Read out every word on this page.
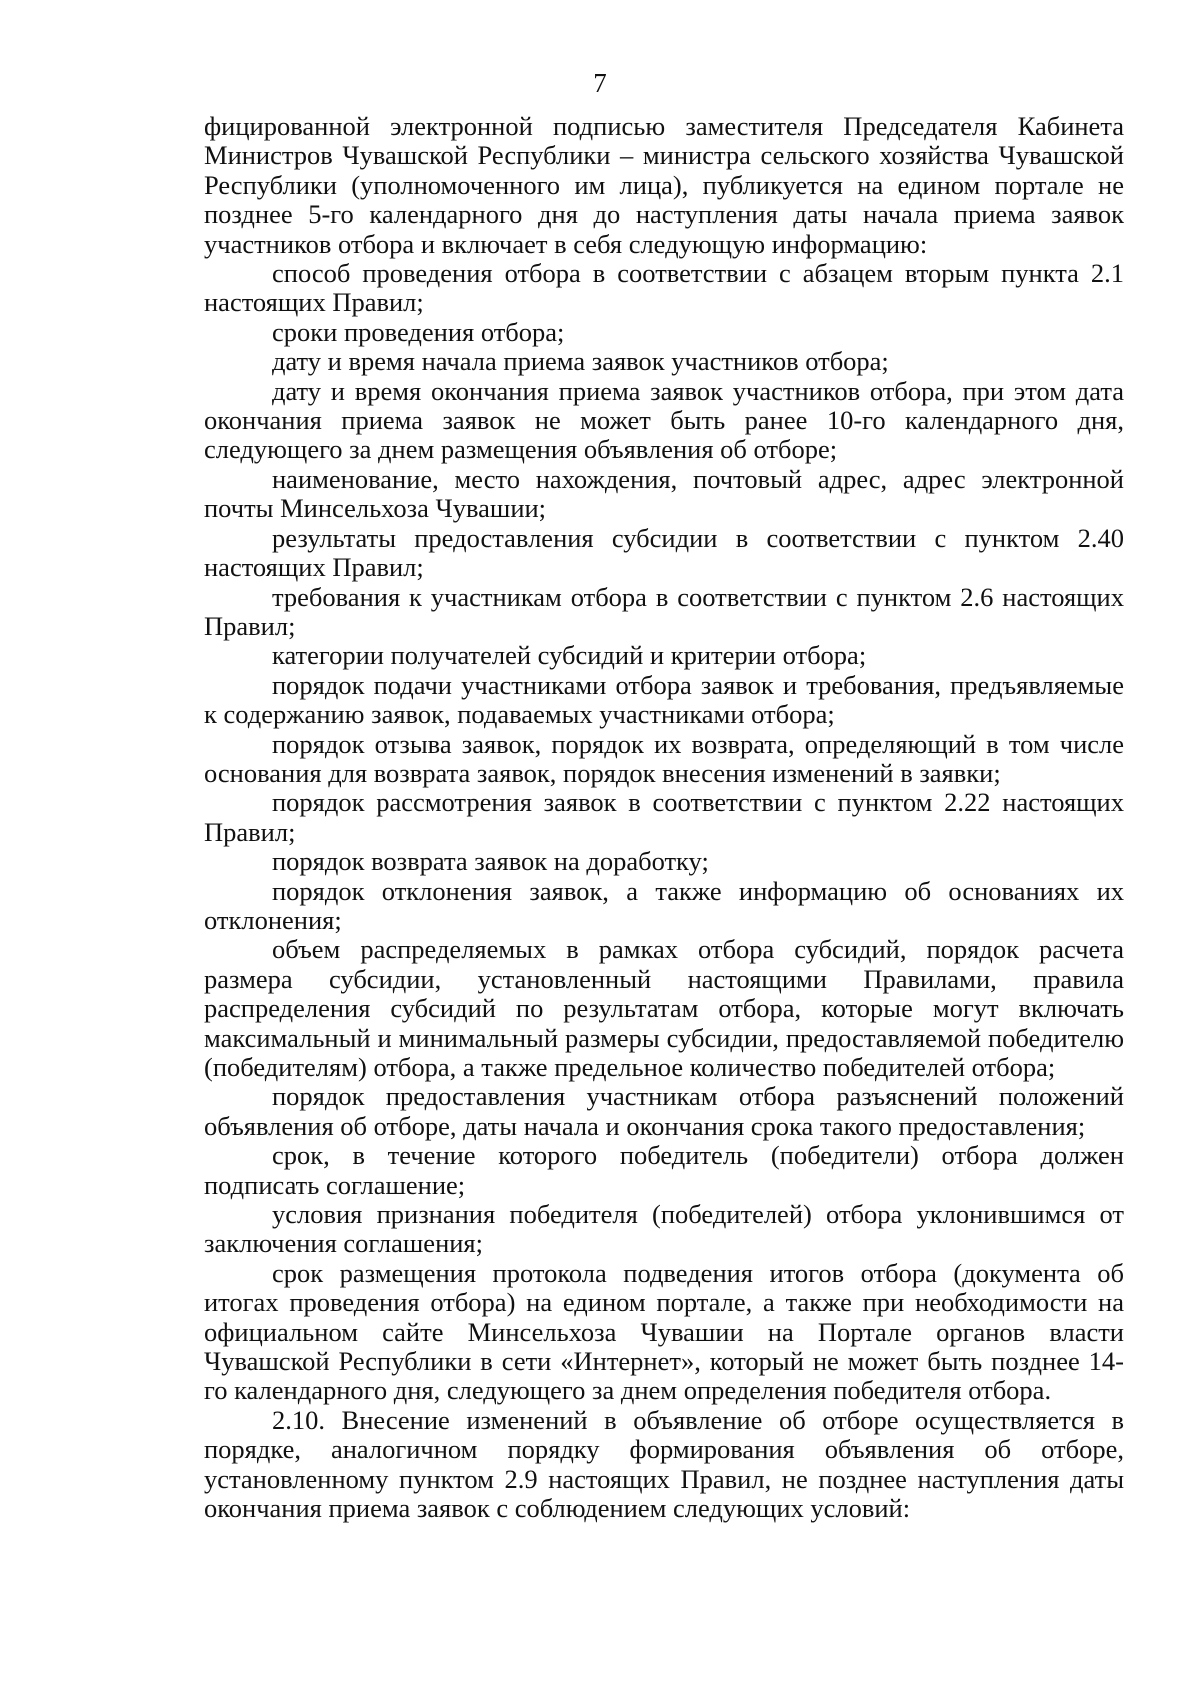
7

фицированной электронной подписью заместителя Председателя Кабинета Министров Чувашской Республики – министра сельского хозяйства Чувашской Республики (уполномоченного им лица), публикуется на едином портале не позднее 5-го календарного дня до наступления даты начала приема заявок участников отбора и включает в себя следующую информацию:

способ проведения отбора в соответствии с абзацем вторым пункта 2.1 настоящих Правил;

сроки проведения отбора;

дату и время начала приема заявок участников отбора;

дату и время окончания приема заявок участников отбора, при этом дата окончания приема заявок не может быть ранее 10-го календарного дня, следующего за днем размещения объявления об отборе;

наименование, место нахождения, почтовый адрес, адрес электронной почты Минсельхоза Чувашии;

результаты предоставления субсидии в соответствии с пунктом 2.40 настоящих Правил;

требования к участникам отбора в соответствии с пунктом 2.6 настоящих Правил;

категории получателей субсидий и критерии отбора;

порядок подачи участниками отбора заявок и требования, предъявляемые к содержанию заявок, подаваемых участниками отбора;

порядок отзыва заявок, порядок их возврата, определяющий в том числе основания для возврата заявок, порядок внесения изменений в заявки;

порядок рассмотрения заявок в соответствии с пунктом 2.22 настоящих Правил;

порядок возврата заявок на доработку;

порядок отклонения заявок, а также информацию об основаниях их отклонения;

объем распределяемых в рамках отбора субсидий, порядок расчета размера субсидии, установленный настоящими Правилами, правила распределения субсидий по результатам отбора, которые могут включать максимальный и минимальный размеры субсидии, предоставляемой победителю (победителям) отбора, а также предельное количество победителей отбора;

порядок предоставления участникам отбора разъяснений положений объявления об отборе, даты начала и окончания срока такого предоставления;

срок, в течение которого победитель (победители) отбора должен подписать соглашение;

условия признания победителя (победителей) отбора уклонившимся от заключения соглашения;

срок размещения протокола подведения итогов отбора (документа об итогах проведения отбора) на едином портале, а также при необходимости на официальном сайте Минсельхоза Чувашии на Портале органов власти Чувашской Республики в сети «Интернет», который не может быть позднее 14-го календарного дня, следующего за днем определения победителя отбора.

2.10. Внесение изменений в объявление об отборе осуществляется в порядке, аналогичном порядку формирования объявления об отборе, установленному пунктом 2.9 настоящих Правил, не позднее наступления даты окончания приема заявок с соблюдением следующих условий:
